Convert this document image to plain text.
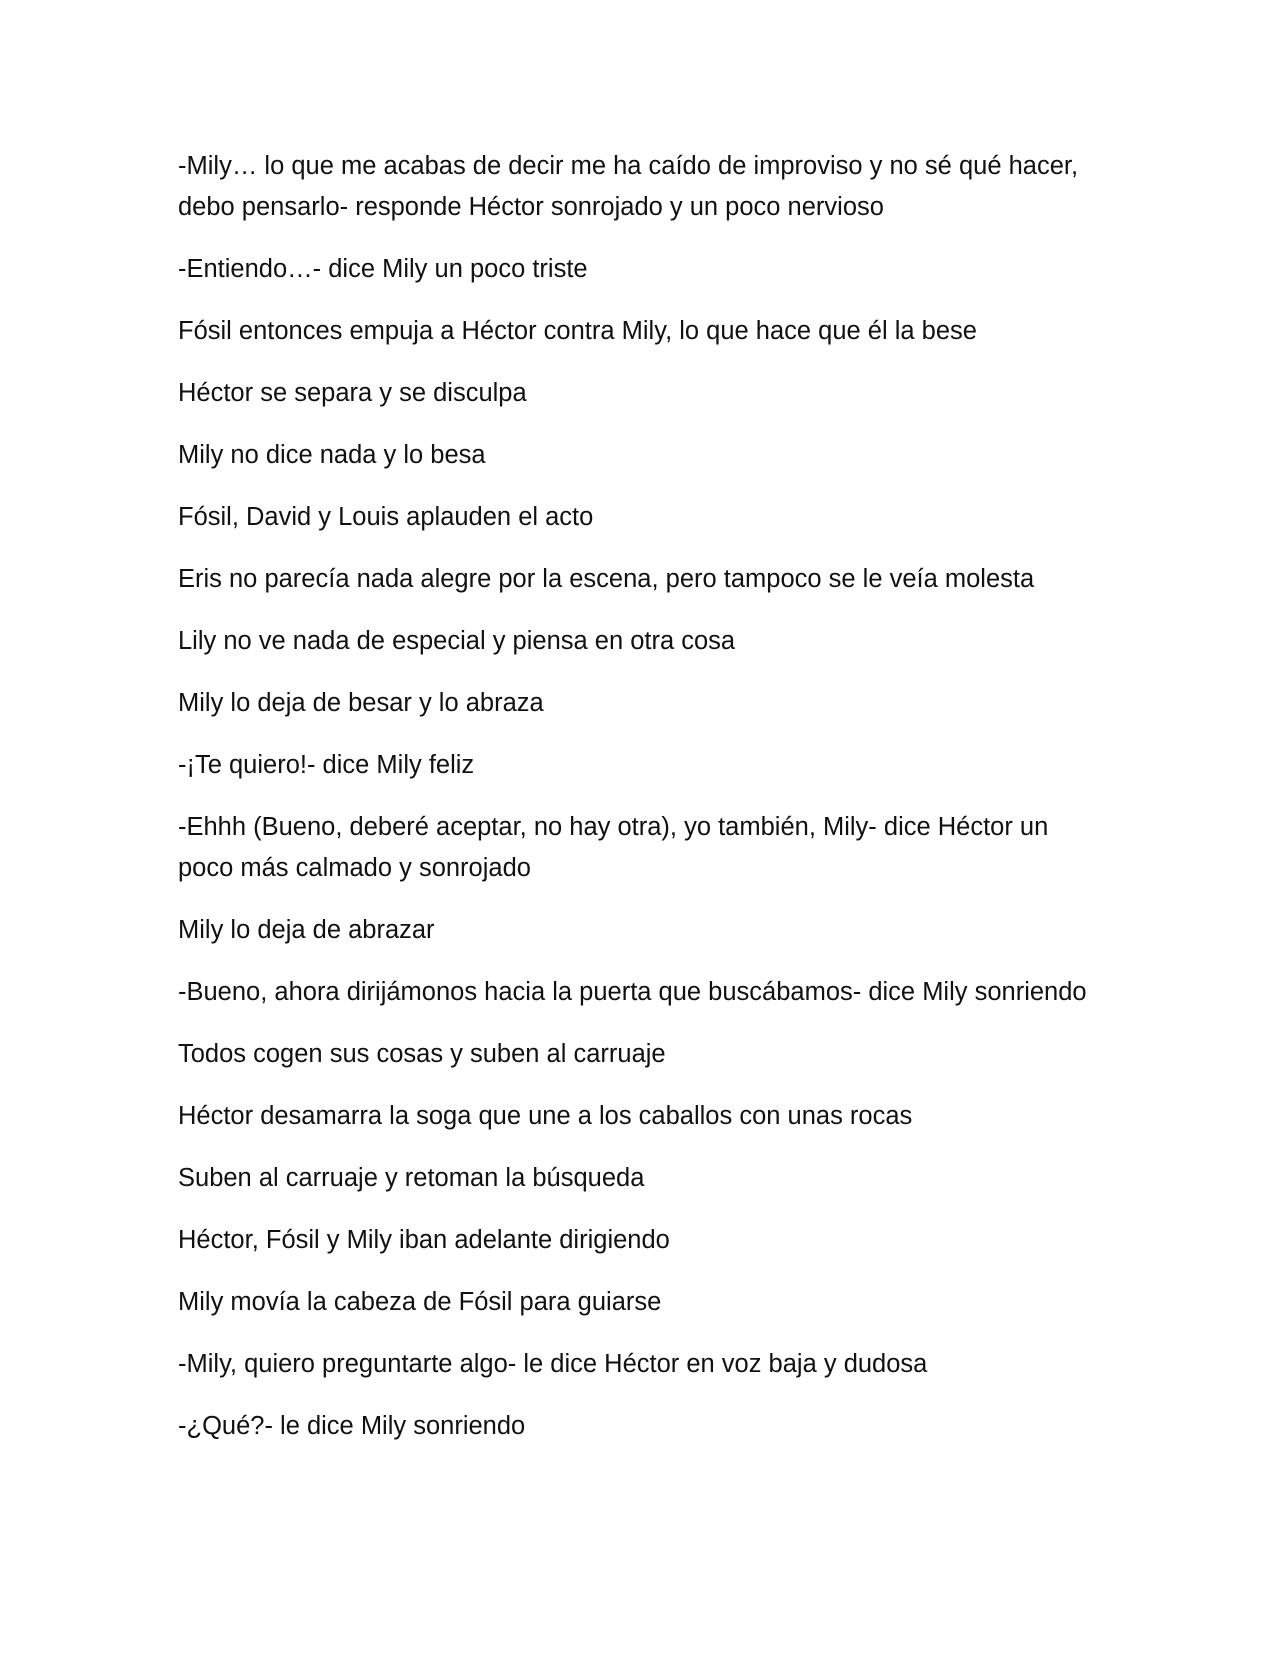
-Mily… lo que me acabas de decir me ha caído de improviso y no sé qué hacer, debo pensarlo- responde Héctor sonrojado y un poco nervioso

-Entiendo…- dice Mily un poco triste

Fósil entonces empuja a Héctor contra Mily, lo que hace que él la bese

Héctor se separa y se disculpa

Mily no dice nada y lo besa

Fósil, David y Louis aplauden el acto

Eris no parecía nada alegre por la escena, pero tampoco se le veía molesta

Lily no ve nada de especial y piensa en otra cosa

Mily lo deja de besar y lo abraza

-¡Te quiero!- dice Mily feliz

-Ehhh (Bueno, deberé aceptar, no hay otra), yo también, Mily- dice Héctor un poco más calmado y sonrojado

Mily lo deja de abrazar

-Bueno, ahora dirijámonos hacia la puerta que buscábamos- dice Mily sonriendo

Todos cogen sus cosas y suben al carruaje

Héctor desamarra la soga que une a los caballos con unas rocas

Suben al carruaje y retoman la búsqueda

Héctor, Fósil y Mily iban adelante dirigiendo

Mily movía la cabeza de Fósil para guiarse

-Mily, quiero preguntarte algo- le dice Héctor en voz baja y dudosa

-¿Qué?- le dice Mily sonriendo
